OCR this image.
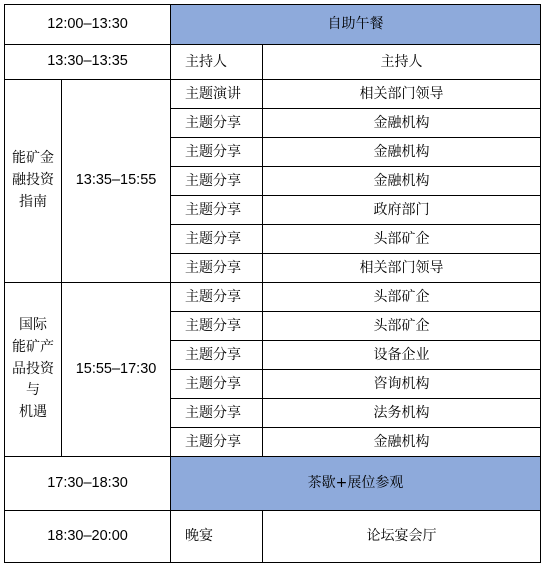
12:00–13:30		自助午餐	
13:30–13:35		主持人	主持人

能矿金
融投资
指南	13:35–15:55	主题演讲	相关部门领导
		主题分享	金融机构
		主题分享	金融机构
		主题分享	金融机构
		主题分享	政府部门
		主题分享	头部矿企
		主题分享	相关部门领导

国际
能矿产
品投资
与
机遇	15:55–17:30	主题分享	头部矿企
		主题分享	头部矿企
		主题分享	设备企业
		主题分享	咨询机构
		主题分享	法务机构
		主题分享	金融机构
17:30–18:30		茶歇+展位参观	

18:30–20:00		晚宴	论坛宴会厅
